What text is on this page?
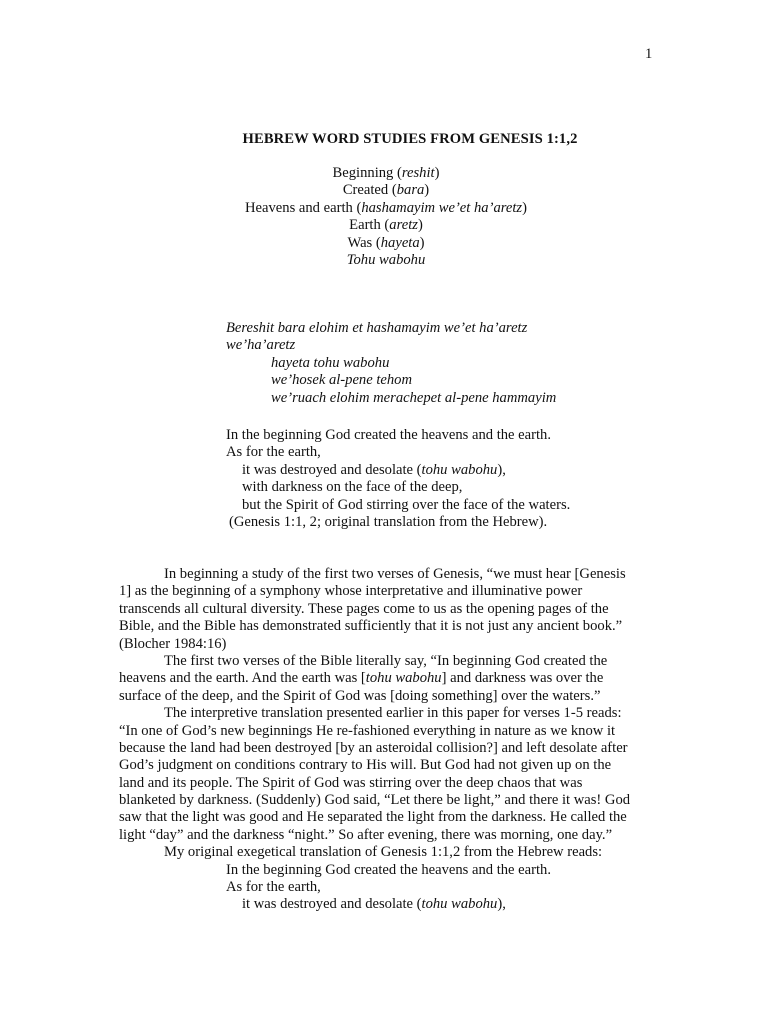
1
HEBREW WORD STUDIES FROM GENESIS 1:1,2
Beginning (reshit)
Created (bara)
Heavens and earth (hashamayim we’et ha’aretz)
Earth (aretz)
Was (hayeta)
Tohu wabohu
Bereshit bara elohim et hashamayim we’et ha’aretz
we’ha’aretz
hayeta tohu wabohu
we’hosek al-pene tehom
we’ruach elohim merachepet al-pene hammayim
In the beginning God created the heavens and the earth.
As for the earth,
it was destroyed and desolate (tohu wabohu),
with darkness on the face of the deep,
but the Spirit of God stirring over the face of the waters.
(Genesis 1:1, 2; original translation from the Hebrew).
In beginning a study of the first two verses of Genesis, “we must hear [Genesis
1] as the beginning of a symphony whose interpretative and illuminative power
transcends all cultural diversity. These pages come to us as the opening pages of the
Bible, and the Bible has demonstrated sufficiently that it is not just any ancient book.”
(Blocher 1984:16)
The first two verses of the Bible literally say, “In beginning God created the
heavens and the earth. And the earth was [tohu wabohu] and darkness was over the
surface of the deep, and the Spirit of God was [doing something] over the waters.”
The interpretive translation presented earlier in this paper for verses 1-5 reads:
“In one of God’s new beginnings He re-fashioned everything in nature as we know it
because the land had been destroyed [by an asteroidal collision?] and left desolate after
God’s judgment on conditions contrary to His will. But God had not given up on the
land and its people. The Spirit of God was stirring over the deep chaos that was
blanketed by darkness. (Suddenly) God said, “Let there be light,” and there it was! God
saw that the light was good and He separated the light from the darkness. He called the
light “day” and the darkness “night.” So after evening, there was morning, one day.”
My original exegetical translation of Genesis 1:1,2 from the Hebrew reads:
In the beginning God created the heavens and the earth.
As for the earth,
it was destroyed and desolate (tohu wabohu),
